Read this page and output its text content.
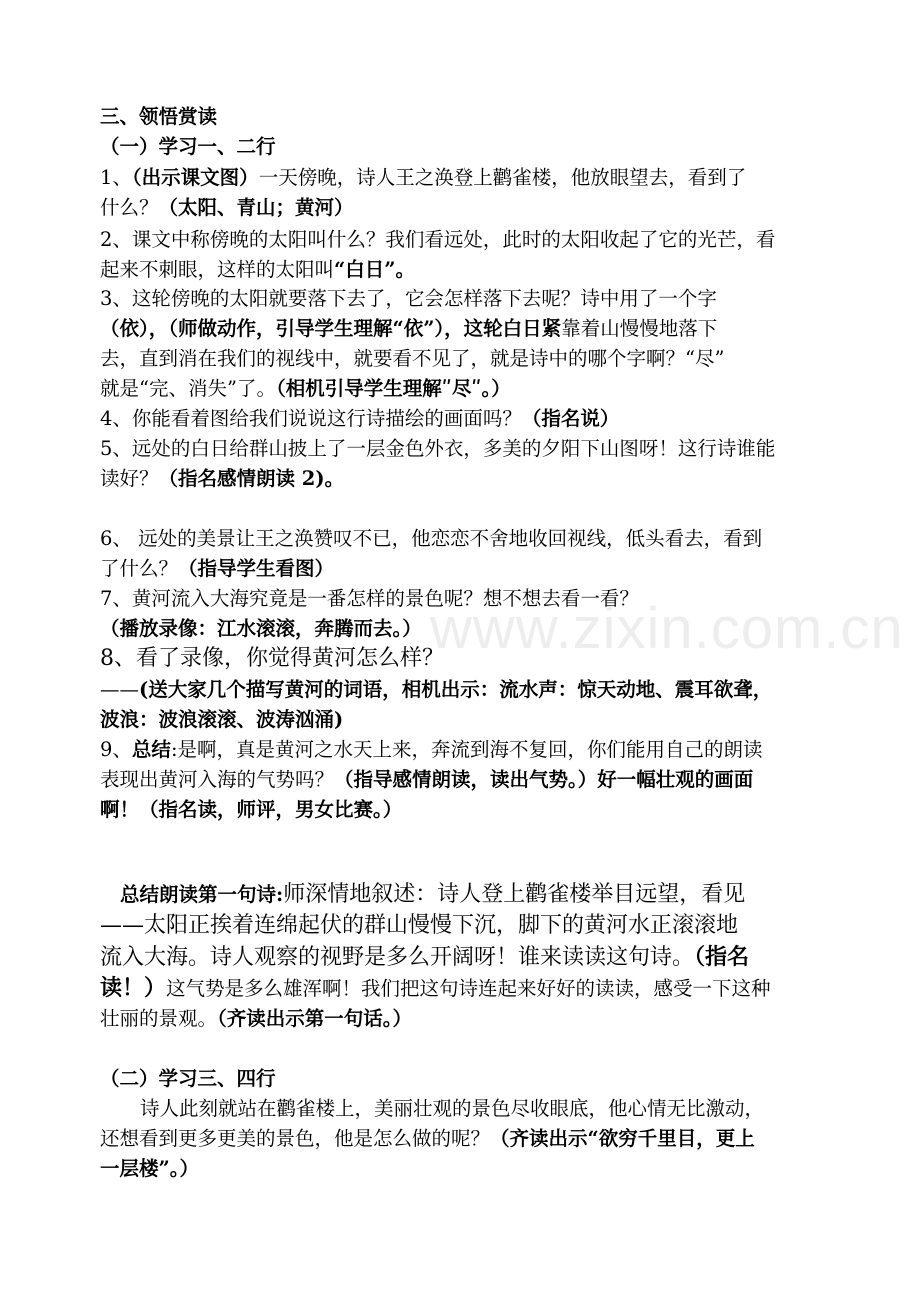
www.zixin.com.cn
三、领悟赏读
（一）学习一、二行
1、（出示课文图）一天傍晚，诗人王之涣登上鹳雀楼，他放眼望去，看到了
什么？（太阳、青山；黄河）
2、课文中称傍晚的太阳叫什么？我们看远处，此时的太阳收起了它的光芒，看
起来不刺眼，这样的太阳叫“白日”。
3、这轮傍晚的太阳就要落下去了，它会怎样落下去呢？诗中用了一个字
（依），（师做动作，引导学生理解“依”），这轮白日紧靠着山慢慢地落下
去，直到消在我们的视线中，就要看不见了，就是诗中的哪个字啊？“尽”
就是“完、消失”了。（相机引导学生理解ʺ尽ʺ。）
4、你能看着图给我们说说这行诗描绘的画面吗？（指名说）
5、远处的白日给群山披上了一层金色外衣，多美的夕阳下山图呀！这行诗谁能
读好？（指名感情朗读 2)。
6、 远处的美景让王之涣赞叹不已，他恋恋不舍地收回视线，低头看去，看到
了什么？（指导学生看图）
7、黄河流入大海究竟是一番怎样的景色呢？想不想去看一看？
（播放录像：江水滚滚，奔腾而去。）
8、看了录像，你觉得黄河怎么样？
——(送大家几个描写黄河的词语，相机出示：流水声：惊天动地、震耳欲聋，
波浪：波浪滚滚、波涛汹涌)
9、总结:是啊，真是黄河之水天上来，奔流到海不复回，你们能用自己的朗读
表现出黄河入海的气势吗？（指导感情朗读，读出气势。）好一幅壮观的画面
啊！（指名读，师评，男女比赛。）
总结朗读第一句诗:师深情地叙述：诗人登上鹳雀楼举目远望，看见
——太阳正挨着连绵起伏的群山慢慢下沉，脚下的黄河水正滚滚地
流入大海。诗人观察的视野是多么开阔呀！谁来读读这句诗。（指名
读！）这气势是多么雄浑啊！我们把这句诗连起来好好的读读，感受一下这种
壮丽的景观。（齐读出示第一句话。）
（二）学习三、四行
诗人此刻就站在鹳雀楼上，美丽壮观的景色尽收眼底，他心情无比激动，
还想看到更多更美的景色，他是怎么做的呢？（齐读出示“欲穷千里目，更上
一层楼”。）
